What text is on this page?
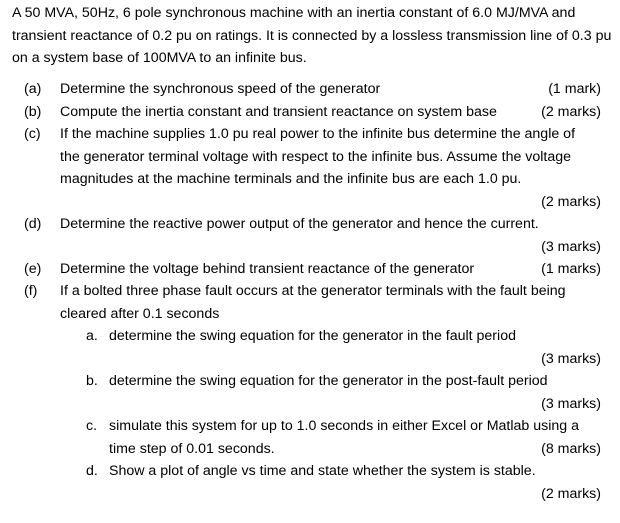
A 50 MVA, 50Hz, 6 pole synchronous machine with an inertia constant of 6.0 MJ/MVA and transient reactance of 0.2 pu on ratings. It is connected by a lossless transmission line of 0.3 pu on a system base of 100MVA to an infinite bus.

(a) Determine the synchronous speed of the generator	(1 mark)
(b) Compute the inertia constant and transient reactance on system base	(2 marks)
(c) If the machine supplies 1.0 pu real power to the infinite bus determine the angle of
the generator terminal voltage with respect to the infinite bus. Assume the voltage
magnitudes at the machine terminals and the infinite bus are each 1.0 pu.
(2 marks)
(d) Determine the reactive power output of the generator and hence the current.
(3 marks)
(e) Determine the voltage behind transient reactance of the generator	(1 marks)
(f) If a bolted three phase fault occurs at the generator terminals with the fault being
cleared after 0.1 seconds
a. determine the swing equation for the generator in the fault period
(3 marks)
b. determine the swing equation for the generator in the post-fault period
(3 marks)
c. simulate this system for up to 1.0 seconds in either Excel or Matlab using a
time step of 0.01 seconds.	(8 marks)
d. Show a plot of angle vs time and state whether the system is stable.
(2 marks)
